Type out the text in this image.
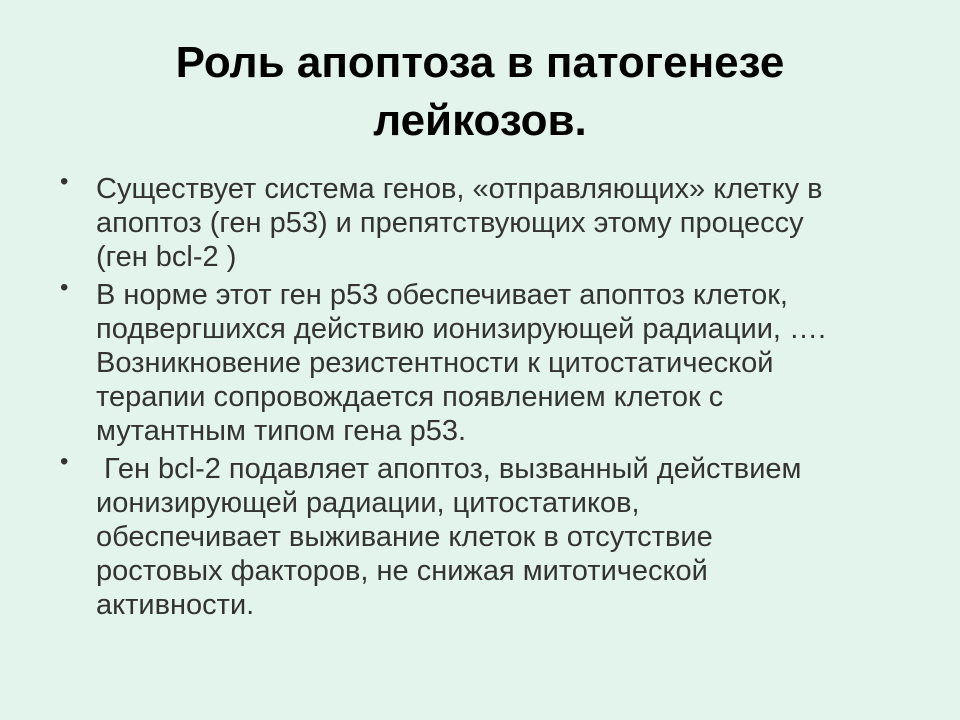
Роль апоптоза в патогенезе
лейкозов.
• Существует система генов, «отправляющих» клетку в
апоптоз (ген р53) и препятствующих этому процессу
(ген bcl-2 )
• В норме этот ген р53 обеспечивает апоптоз клеток,
подвергшихся действию ионизирующей радиации, ….
Возникновение резистентности к цитостатической
терапии сопровождается появлением клеток с
мутантным типом гена р53.
• Ген bcl-2 подавляет апоптоз, вызванный действием
ионизирующей радиации, цитостатиков,
обеспечивает выживание клеток в отсутствие
ростовых факторов, не снижая митотической
активности.
